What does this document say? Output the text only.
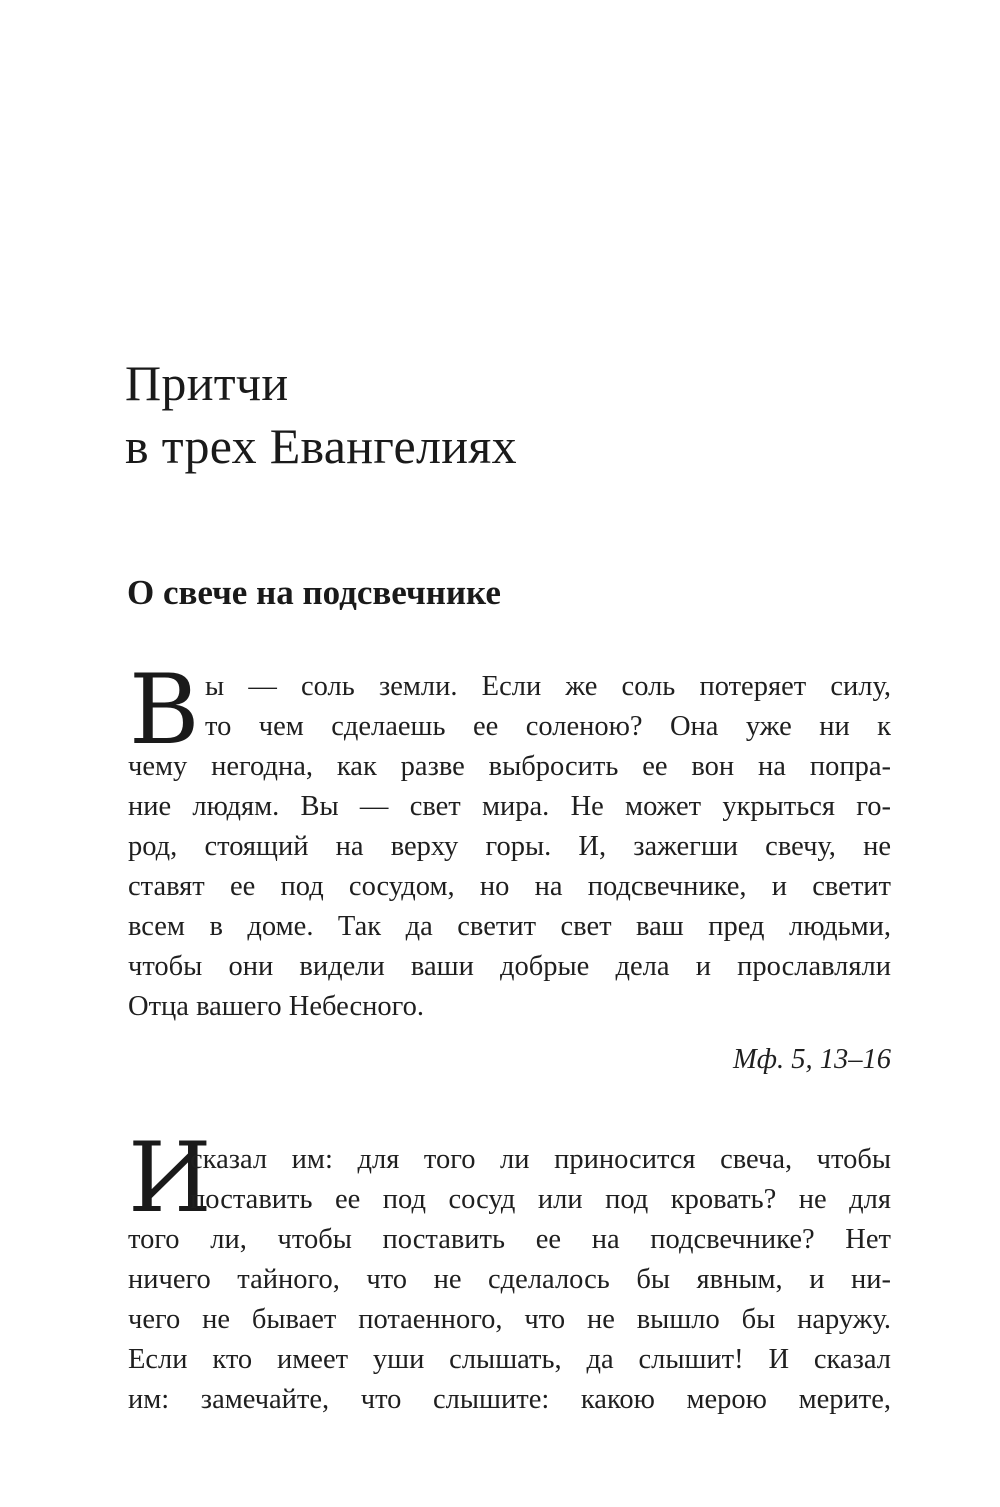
Притчи
в трех Евангелиях
О свече на подсвечнике
В ы — соль земли. Если же соль потеряет силу,
то чем сделаешь ее соленою? Она уже ни к
чему негодна, как разве выбросить ее вон на попра-
ние людям. Вы — свет мира. Не может укрыться го-
род, стоящий на верху горы. И, зажегши свечу, не
ставят ее под сосудом, но на подсвечнике, и светит
всем в доме. Так да светит свет ваш пред людьми,
чтобы они видели ваши добрые дела и прославляли
Отца вашего Небесного.
Мф. 5, 13–16
И
сказал им: для того ли приносится свеча, чтобы
поставить ее под сосуд или под кровать? не для
того ли, чтобы поставить ее на подсвечнике? Нет
ничего тайного, что не сделалось бы явным, и ни-
чего не бывает потаенного, что не вышло бы наружу.
Если кто имеет уши слышать, да слышит! И сказал
им: замечайте, что слышите: какою мерою мерите,
